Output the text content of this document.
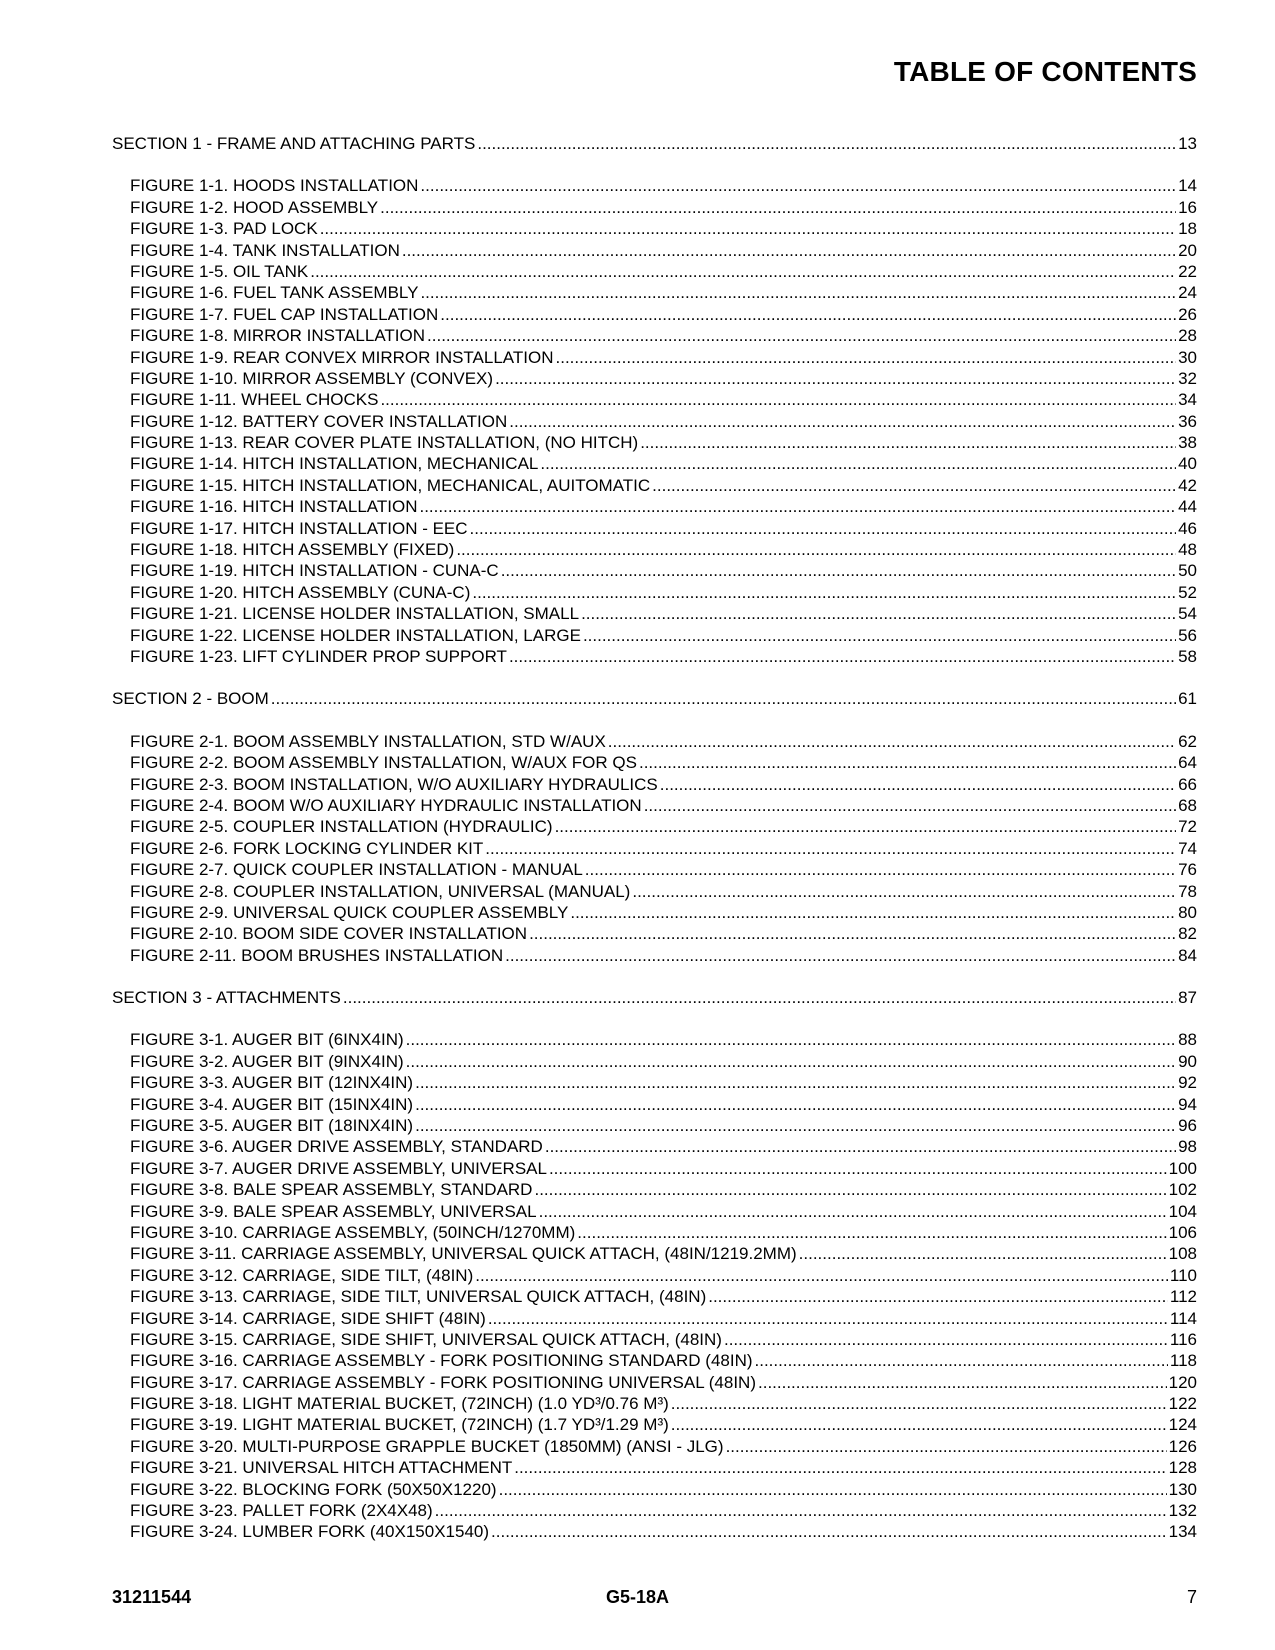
TABLE OF CONTENTS
SECTION 1 - FRAME AND ATTACHING PARTS .....	13
FIGURE 1-1. HOODS INSTALLATION .....	14
FIGURE 1-2. HOOD ASSEMBLY .....	16
FIGURE 1-3. PAD LOCK .....	18
FIGURE 1-4. TANK INSTALLATION .....	20
FIGURE 1-5. OIL TANK .....	22
FIGURE 1-6. FUEL TANK ASSEMBLY .....	24
FIGURE 1-7. FUEL CAP INSTALLATION .....	26
FIGURE 1-8. MIRROR INSTALLATION .....	28
FIGURE 1-9. REAR CONVEX MIRROR INSTALLATION .....	30
FIGURE 1-10. MIRROR ASSEMBLY (CONVEX) .....	32
FIGURE 1-11. WHEEL CHOCKS .....	34
FIGURE 1-12. BATTERY COVER INSTALLATION .....	36
FIGURE 1-13. REAR COVER PLATE INSTALLATION, (NO HITCH) .....	38
FIGURE 1-14. HITCH INSTALLATION, MECHANICAL .....	40
FIGURE 1-15. HITCH INSTALLATION, MECHANICAL, AUITOMATIC .....	42
FIGURE 1-16. HITCH INSTALLATION .....	44
FIGURE 1-17. HITCH INSTALLATION - EEC .....	46
FIGURE 1-18. HITCH ASSEMBLY (FIXED) .....	48
FIGURE 1-19. HITCH INSTALLATION - CUNA-C .....	50
FIGURE 1-20. HITCH ASSEMBLY (CUNA-C) .....	52
FIGURE 1-21. LICENSE HOLDER INSTALLATION, SMALL .....	54
FIGURE 1-22. LICENSE HOLDER INSTALLATION, LARGE .....	56
FIGURE 1-23. LIFT CYLINDER PROP SUPPORT .....	58
SECTION 2 - BOOM .....	61
FIGURE 2-1. BOOM ASSEMBLY INSTALLATION, STD W/AUX .....	62
FIGURE 2-2. BOOM ASSEMBLY INSTALLATION, W/AUX FOR QS .....	64
FIGURE 2-3. BOOM INSTALLATION, W/O AUXILIARY HYDRAULICS .....	66
FIGURE 2-4. BOOM W/O AUXILIARY HYDRAULIC INSTALLATION .....	68
FIGURE 2-5. COUPLER INSTALLATION (HYDRAULIC) .....	72
FIGURE 2-6. FORK LOCKING CYLINDER KIT .....	74
FIGURE 2-7. QUICK COUPLER INSTALLATION - MANUAL .....	76
FIGURE 2-8. COUPLER INSTALLATION, UNIVERSAL (MANUAL) .....	78
FIGURE 2-9. UNIVERSAL QUICK COUPLER ASSEMBLY .....	80
FIGURE 2-10. BOOM SIDE COVER INSTALLATION .....	82
FIGURE 2-11. BOOM BRUSHES INSTALLATION .....	84
SECTION 3 - ATTACHMENTS .....	87
FIGURE 3-1. AUGER BIT (6INX4IN) .....	88
FIGURE 3-2. AUGER BIT (9INX4IN) .....	90
FIGURE 3-3. AUGER BIT (12INX4IN) .....	92
FIGURE 3-4. AUGER BIT (15INX4IN) .....	94
FIGURE 3-5. AUGER BIT (18INX4IN) .....	96
FIGURE 3-6. AUGER DRIVE ASSEMBLY, STANDARD .....	98
FIGURE 3-7. AUGER DRIVE ASSEMBLY, UNIVERSAL .....	100
FIGURE 3-8. BALE SPEAR ASSEMBLY, STANDARD .....	102
FIGURE 3-9. BALE SPEAR ASSEMBLY, UNIVERSAL .....	104
FIGURE 3-10. CARRIAGE ASSEMBLY, (50INCH/1270MM) .....	106
FIGURE 3-11. CARRIAGE ASSEMBLY, UNIVERSAL QUICK ATTACH, (48IN/1219.2MM) .....	108
FIGURE 3-12. CARRIAGE, SIDE TILT, (48IN) .....	110
FIGURE 3-13. CARRIAGE, SIDE TILT, UNIVERSAL QUICK ATTACH, (48IN) .....	112
FIGURE 3-14. CARRIAGE, SIDE SHIFT (48IN) .....	114
FIGURE 3-15. CARRIAGE, SIDE SHIFT, UNIVERSAL QUICK ATTACH, (48IN) .....	116
FIGURE 3-16. CARRIAGE ASSEMBLY - FORK POSITIONING STANDARD (48IN) .....	118
FIGURE 3-17. CARRIAGE ASSEMBLY - FORK POSITIONING UNIVERSAL (48IN) .....	120
FIGURE 3-18. LIGHT MATERIAL BUCKET, (72INCH) (1.0 YD³/0.76 M³) .....	122
FIGURE 3-19. LIGHT MATERIAL BUCKET, (72INCH) (1.7 YD³/1.29 M³) .....	124
FIGURE 3-20. MULTI-PURPOSE GRAPPLE BUCKET (1850MM) (ANSI - JLG) .....	126
FIGURE 3-21. UNIVERSAL HITCH ATTACHMENT .....	128
FIGURE 3-22. BLOCKING FORK (50X50X1220) .....	130
FIGURE 3-23. PALLET FORK (2X4X48) .....	132
FIGURE 3-24. LUMBER FORK (40X150X1540) .....	134
31211544	G5-18A	7
